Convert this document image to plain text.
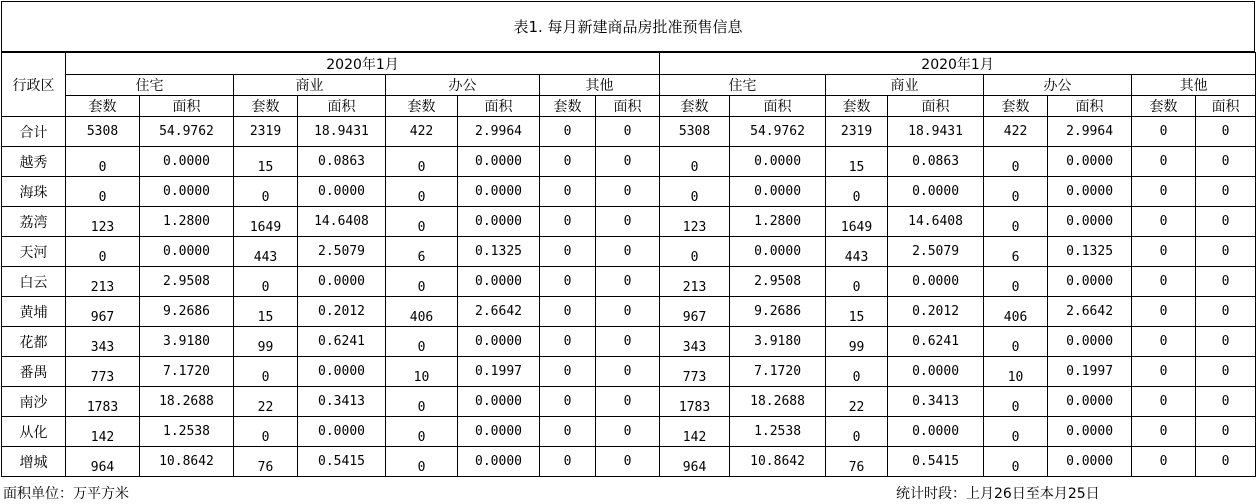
表1. 每月新建商品房批准预售信息
行政区	2020年1月								2020年1月							
	住宅		商业		办公		其他		住宅		商业		办公		其他	
	套数	面积	套数	面积	套数	面积	套数	面积	套数	面积	套数	面积	套数	面积	套数	面积
合计	5308	54.9762	2319	18.9431	422	2.9964	0	0	5308	54.9762	2319	18.9431	422	2.9964	0	0
越秀	0	0.0000	15	0.0863	0	0.0000	0	0	0	0.0000	15	0.0863	0	0.0000	0	0
海珠	0	0.0000	0	0.0000	0	0.0000	0	0	0	0.0000	0	0.0000	0	0.0000	0	0
荔湾	123	1.2800	1649	14.6408	0	0.0000	0	0	123	1.2800	1649	14.6408	0	0.0000	0	0
天河	0	0.0000	443	2.5079	6	0.1325	0	0	0	0.0000	443	2.5079	6	0.1325	0	0
白云	213	2.9508	0	0.0000	0	0.0000	0	0	213	2.9508	0	0.0000	0	0.0000	0	0
黄埔	967	9.2686	15	0.2012	406	2.6642	0	0	967	9.2686	15	0.2012	406	2.6642	0	0
花都	343	3.9180	99	0.6241	0	0.0000	0	0	343	3.9180	99	0.6241	0	0.0000	0	0
番禺	773	7.1720	0	0.0000	10	0.1997	0	0	773	7.1720	0	0.0000	10	0.1997	0	0
南沙	1783	18.2688	22	0.3413	0	0.0000	0	0	1783	18.2688	22	0.3413	0	0.0000	0	0
从化	142	1.2538	0	0.0000	0	0.0000	0	0	142	1.2538	0	0.0000	0	0.0000	0	0
增城	964	10.8642	76	0.5415	0	0.0000	0	0	964	10.8642	76	0.5415	0	0.0000	0	0
面积单位：万平方米	统计时段：上月26日至本月25日
